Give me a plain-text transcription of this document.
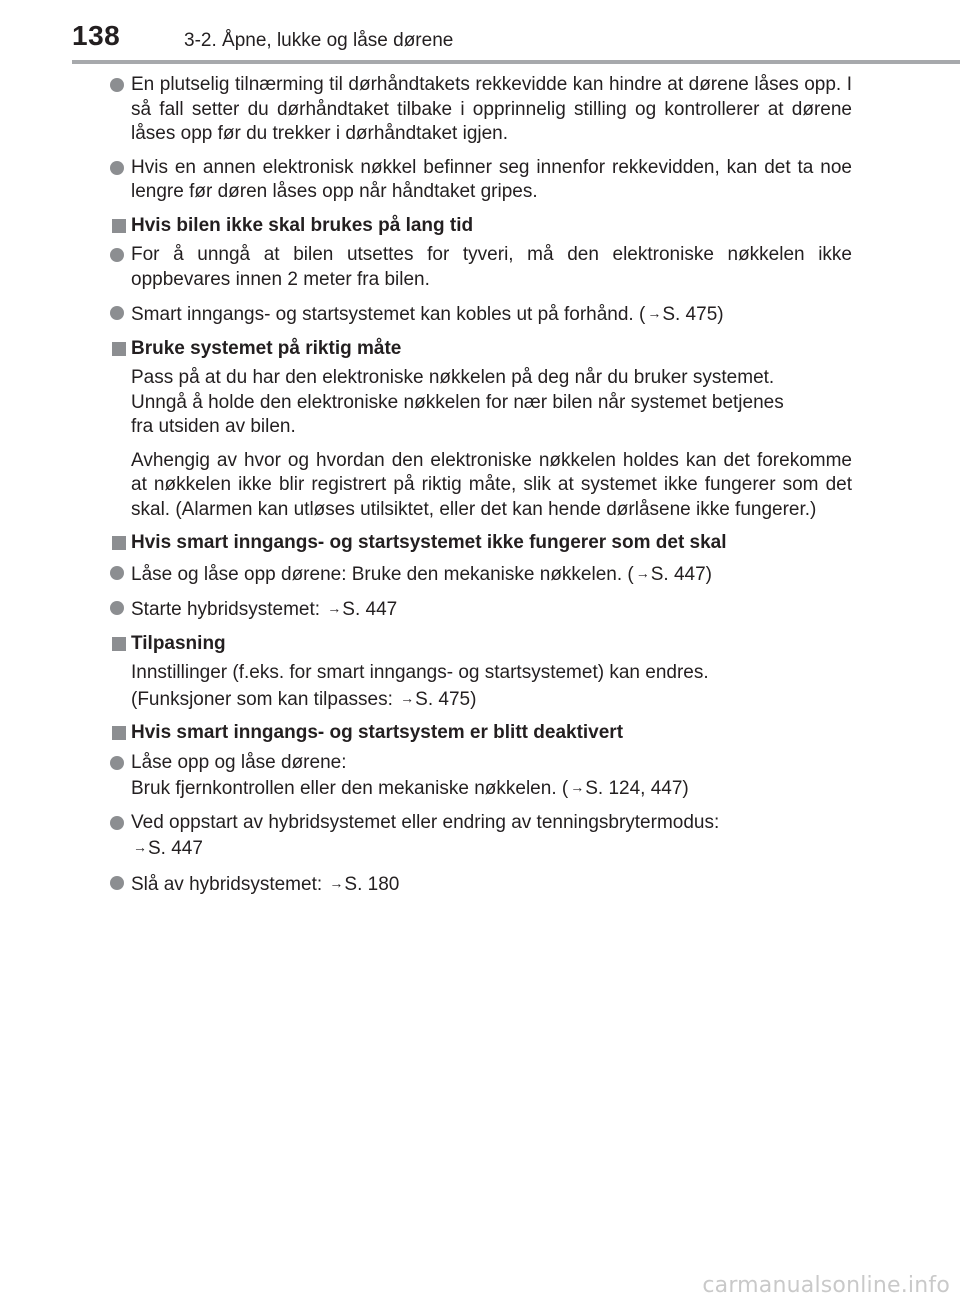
138	3-2. Åpne, lukke og låse dørene
En plutselig tilnærming til dørhåndtakets rekkevidde kan hindre at dørene låses opp. I så fall setter du dørhåndtaket tilbake i opprinnelig stilling og kontrollerer at dørene låses opp før du trekker i dørhåndtaket igjen.
Hvis en annen elektronisk nøkkel befinner seg innenfor rekkevidden, kan det ta noe lengre før døren låses opp når håndtaket gripes.
Hvis bilen ikke skal brukes på lang tid
For å unngå at bilen utsettes for tyveri, må den elektroniske nøkkelen ikke oppbevares innen 2 meter fra bilen.
Smart inngangs- og startsystemet kan kobles ut på forhånd. ( →S. 475)
Bruke systemet på riktig måte
Pass på at du har den elektroniske nøkkelen på deg når du bruker systemet.
Unngå å holde den elektroniske nøkkelen for nær bilen når systemet betjenes
fra utsiden av bilen.
Avhengig av hvor og hvordan den elektroniske nøkkelen holdes kan det forekomme at nøkkelen ikke blir registrert på riktig måte, slik at systemet ikke fungerer som det skal. (Alarmen kan utløses utilsiktet, eller det kan hende dørlåsene ikke fungerer.)
Hvis smart inngangs- og startsystemet ikke fungerer som det skal
Låse og låse opp dørene: Bruke den mekaniske nøkkelen. ( →S. 447)
Starte hybridsystemet: →S. 447
Tilpasning
Innstillinger (f.eks. for smart inngangs- og startsystemet) kan endres.
(Funksjoner som kan tilpasses: →S. 475)
Hvis smart inngangs- og startsystem er blitt deaktivert
Låse opp og låse dørene:
Bruk fjernkontrollen eller den mekaniske nøkkelen. ( →S. 124, 447)
Ved oppstart av hybridsystemet eller endring av tenningsbrytermodus:
→S. 447
Slå av hybridsystemet: →S. 180
carmanualsonline.info
